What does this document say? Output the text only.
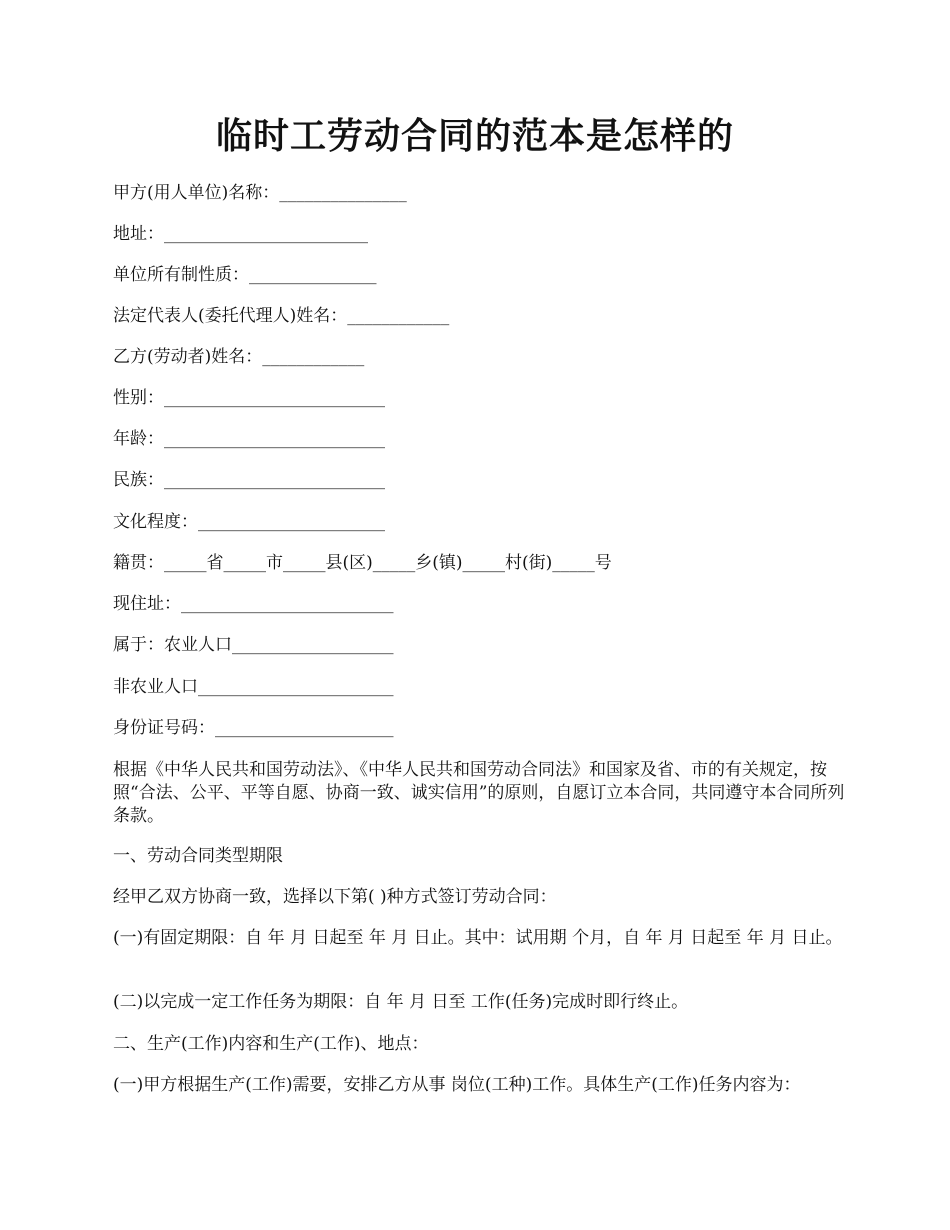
临时工劳动合同的范本是怎样的
甲方(用人单位)名称：_______________
地址：________________________
单位所有制性质：_______________
法定代表人(委托代理人)姓名：____________
乙方(劳动者)姓名：____________
性别：__________________________
年龄：__________________________
民族：__________________________
文化程度：______________________
籍贯：_____省_____市_____县(区)_____乡(镇)_____村(街)_____号
现住址：_________________________
属于：农业人口___________________
非农业人口_______________________
身份证号码：_____________________
根据《中华人民共和国劳动法》、《中华人民共和国劳动合同法》和国家及省、市的有关规定，按照“合法、公平、平等自愿、协商一致、诚实信用”的原则，自愿订立本合同，共同遵守本合同所列条款。
一、劳动合同类型期限
经甲乙双方协商一致，选择以下第( )种方式签订劳动合同：
(一)有固定期限：自 年 月 日起至 年 月 日止。其中：试用期 个月，自 年 月 日起至 年 月 日止。
(二)以完成一定工作任务为期限：自 年 月 日至 工作(任务)完成时即行终止。
二、生产(工作)内容和生产(工作)、地点：
(一)甲方根据生产(工作)需要，安排乙方从事 岗位(工种)工作。具体生产(工作)任务内容为：
